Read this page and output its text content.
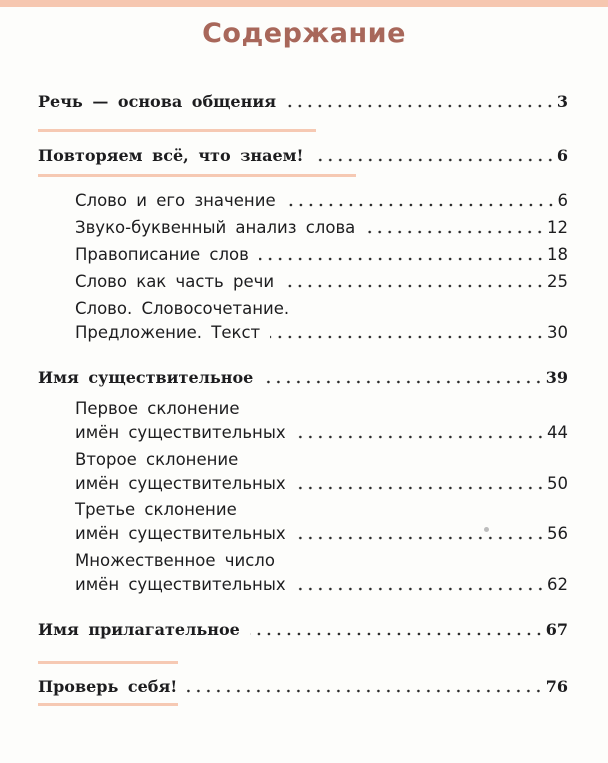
Содержание
Речь — основа общения	3
Повторяем всё, что знаем!	6
Слово и его значение	6
Звуко-буквенный анализ слова	12
Правописание слов	18
Слово как часть речи	25
Слово. Словосочетание.
Предложение. Текст	30
Имя существительное	39
Первое склонение
имён существительных	44
Второе склонение
имён существительных	50
Третье склонение
имён существительных	56
Множественное число
имён существительных	62
Имя прилагательное	67
Проверь себя!	76
